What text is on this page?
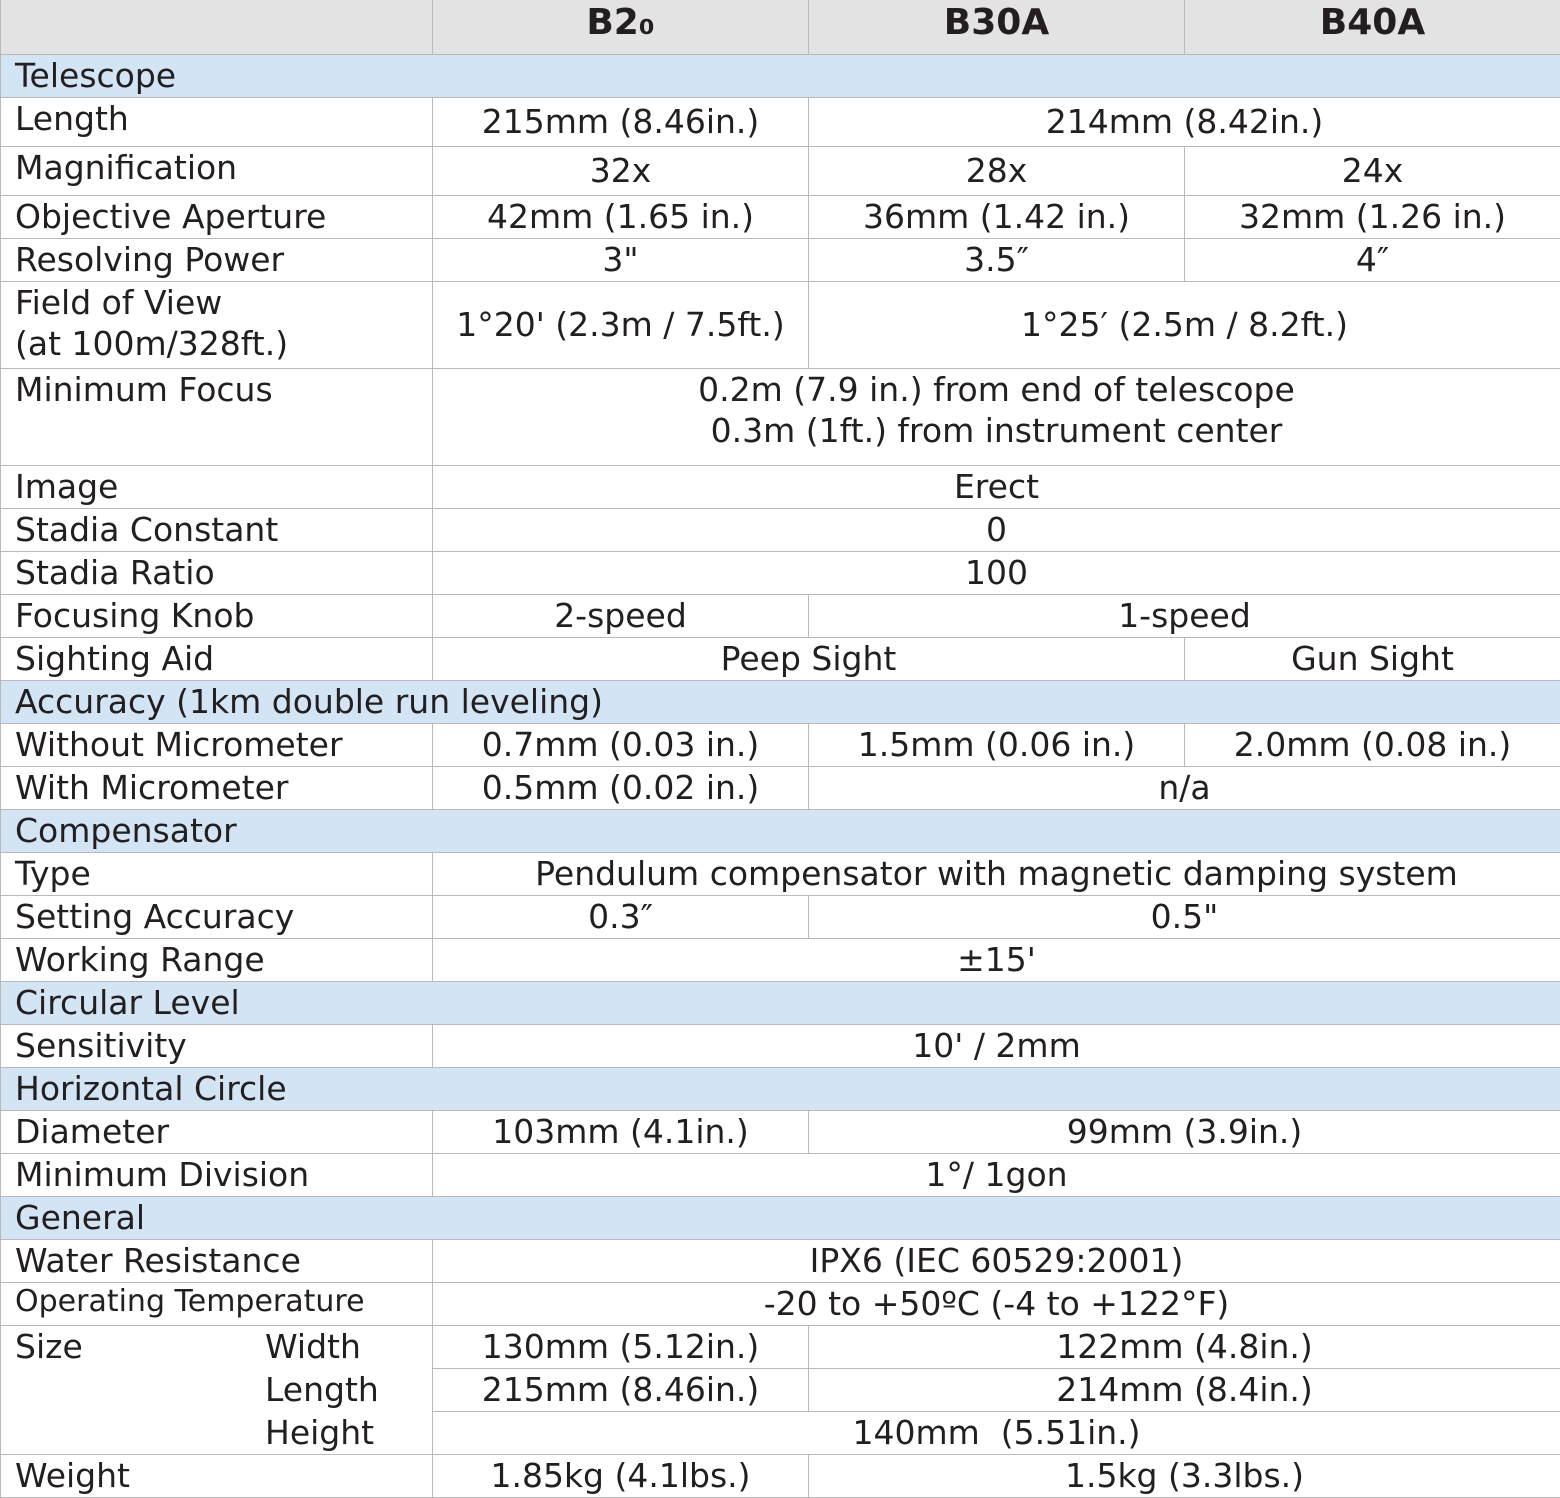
	B2₀	B30A	B40A
Telescope			
Length	215mm (8.46in.)	214mm (8.42in.)	
Magnification	32x	28x	24x
Objective Aperture	42mm (1.65 in.)	36mm (1.42 in.)	32mm (1.26 in.)
Resolving Power	3"	3.5″	4″

Field of View
(at 100m/328ft.)	1°20' (2.3m / 7.5ft.)	1°25′ (2.5m / 8.2ft.)	
Minimum Focus	0.2m (7.9 in.) from end of telescope
0.3m (1ft.) from instrument center		

Image	Erect		
Stadia Constant	0		
Stadia Ratio	100		
Focusing Knob	2-speed	1-speed	
Sighting Aid	Peep Sight		Gun Sight
Accuracy (1km double run leveling)			
Without Micrometer	0.7mm (0.03 in.)	1.5mm (0.06 in.)	2.0mm (0.08 in.)
With Micrometer	0.5mm (0.02 in.)	n/a	
Compensator			
Type	Pendulum compensator with magnetic damping system		
Setting Accuracy	0.3″	0.5"	
Working Range	±15'		
Circular Level			
Sensitivity	10' / 2mm		
Horizontal Circle			
Diameter	103mm (4.1in.)	99mm (3.9in.)	
Minimum Division	1°/ 1gon		
General			
Water Resistance	IPX6 (IEC 60529:2001)		
Operating Temperature	-20 to +50ºC (-4 to +122°F)		
Size Width	130mm (5.12in.)	122mm (4.8in.)	
Length	215mm (8.46in.)	214mm (8.4in.)	
Height	140mm  (5.51in.)		
Weight	1.85kg (4.1lbs.)	1.5kg (3.3lbs.)	
